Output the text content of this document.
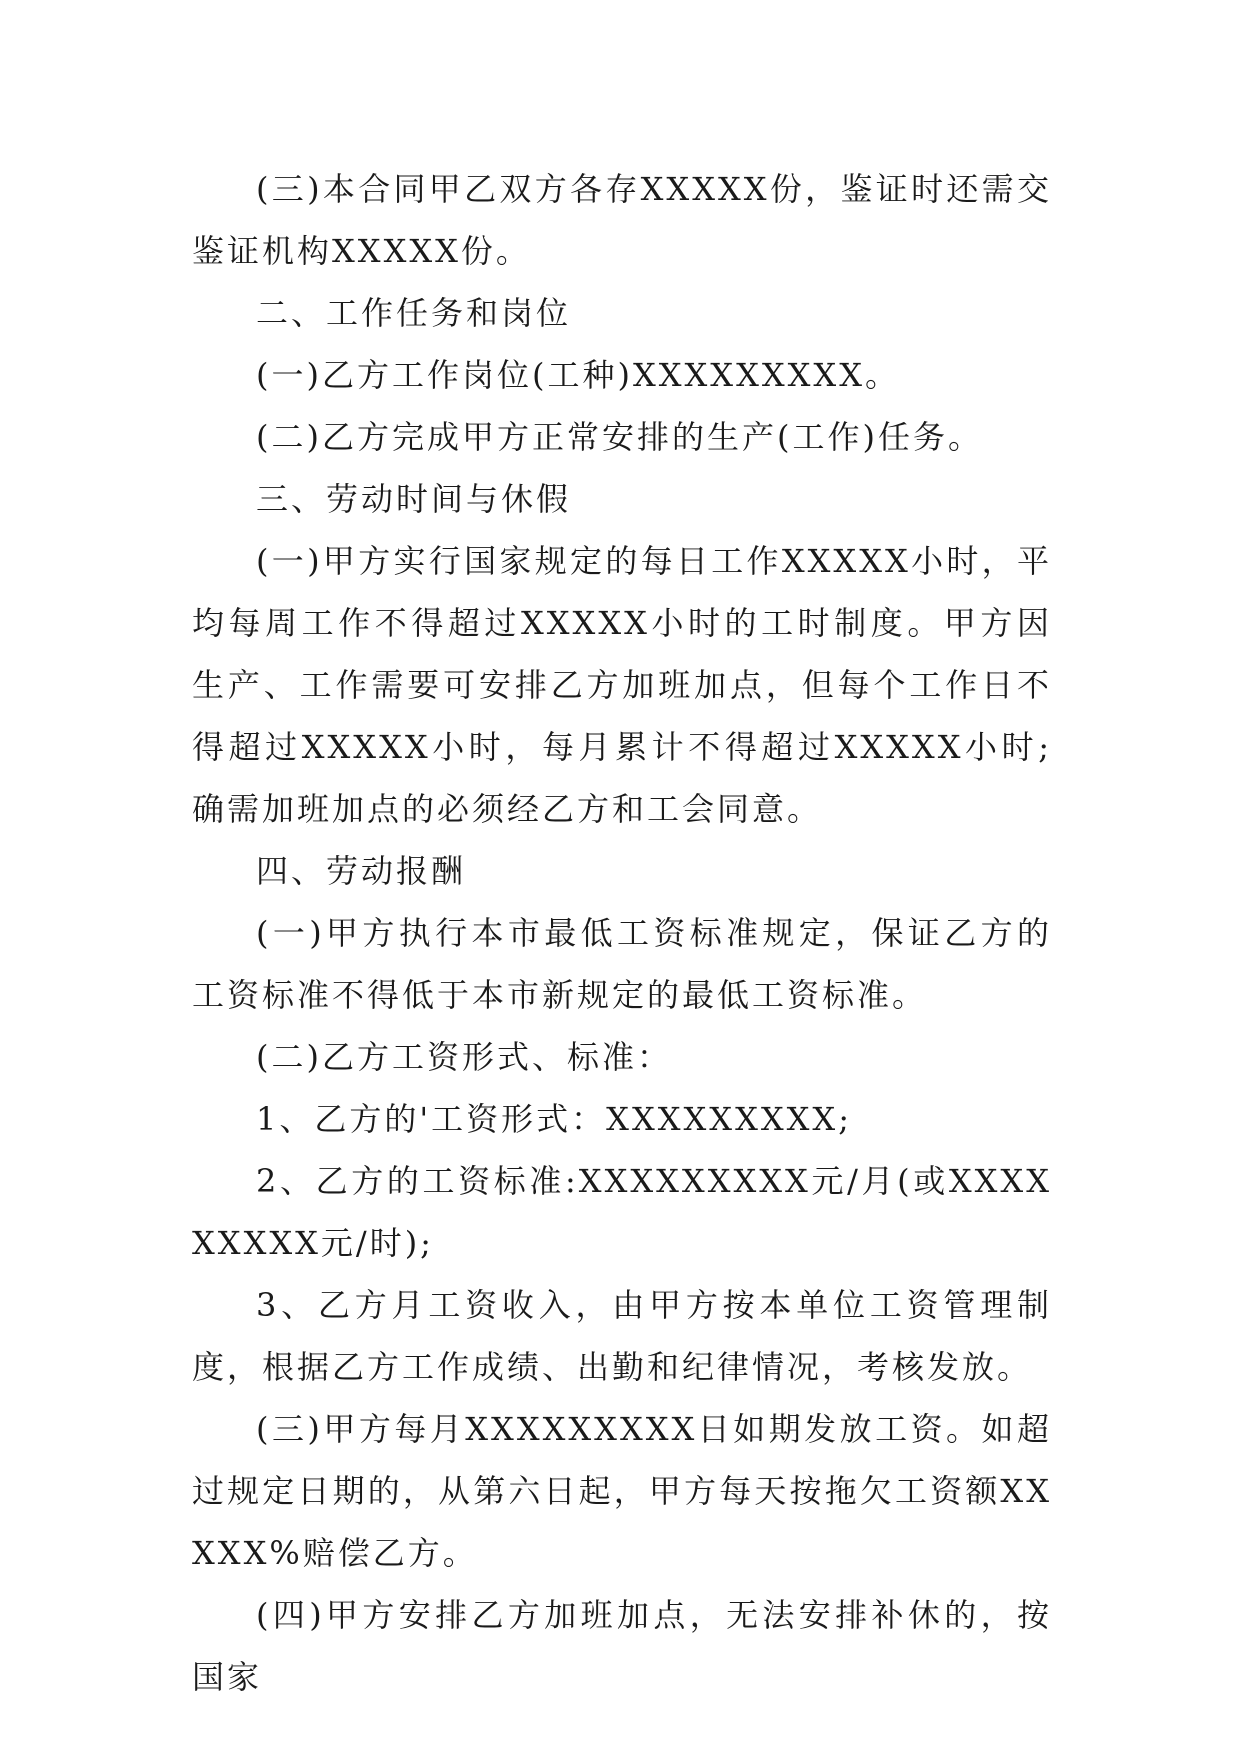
(三)本合同甲乙双方各存XXXXX份，鉴证时还需交鉴证机构XXXXX份。

二、工作任务和岗位

(一)乙方工作岗位(工种)XXXXXXXXX。

(二)乙方完成甲方正常安排的生产(工作)任务。

三、劳动时间与休假

(一)甲方实行国家规定的每日工作XXXXX小时，平均每周工作不得超过XXXXX小时的工时制度。甲方因生产、工作需要可安排乙方加班加点，但每个工作日不得超过XXXXX小时，每月累计不得超过XXXXX小时;确需加班加点的必须经乙方和工会同意。

四、劳动报酬

(一)甲方执行本市最低工资标准规定，保证乙方的工资标准不得低于本市新规定的最低工资标准。

(二)乙方工资形式、标准：

1、乙方的'工资形式：XXXXXXXXX;

2、乙方的工资标准:XXXXXXXXX元/月(或XXXXXXXXX元/时);

3、乙方月工资收入，由甲方按本单位工资管理制度，根据乙方工作成绩、出勤和纪律情况，考核发放。

(三)甲方每月XXXXXXXXX日如期发放工资。如超过规定日期的，从第六日起，甲方每天按拖欠工资额XXXXX%赔偿乙方。

(四)甲方安排乙方加班加点，无法安排补休的，按国家
